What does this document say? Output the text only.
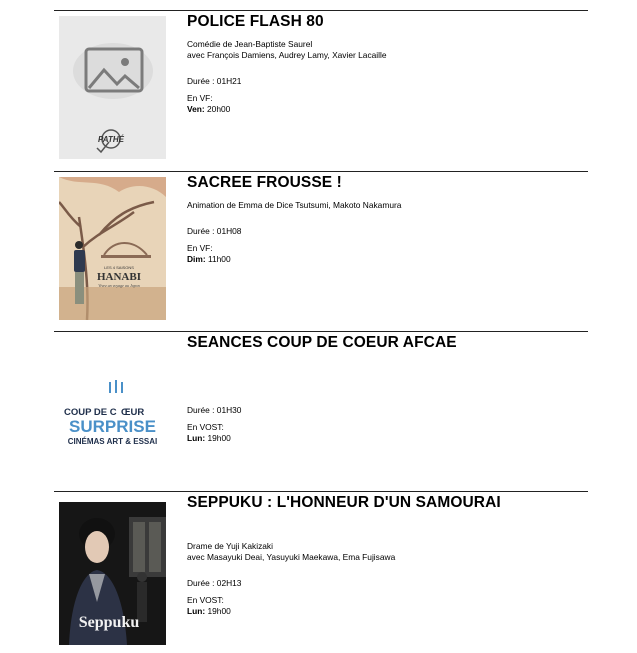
PATHÉ

POLICE FLASH 80

Comédie de Jean-Baptiste Saurel

avec François Damiens, Audrey Lamy, Xavier Lacaille

Durée : 01H21

En VF:

Ven: 20h00

LES 4 SAISONS
HANABI
Vivez un voyage au Japon

SACREE FROUSSE !

Animation de Emma de Dice Tsutsumi, Makoto Nakamura

Durée : 01H08

En VF:

Dim: 11h00

COUP DE C ŒUR
SURPRISE
CINÉMAS ART & ESSAI

SEANCES COUP DE COEUR AFCAE

Durée : 01H30

En VOST:

Lun: 19h00

Seppuku

SEPPUKU : L'HONNEUR D'UN SAMOURAI

Drame de Yuji Kakizaki

avec Masayuki Deai, Yasuyuki Maekawa, Ema Fujisawa

Durée : 02H13

En VOST:

Lun: 19h00
